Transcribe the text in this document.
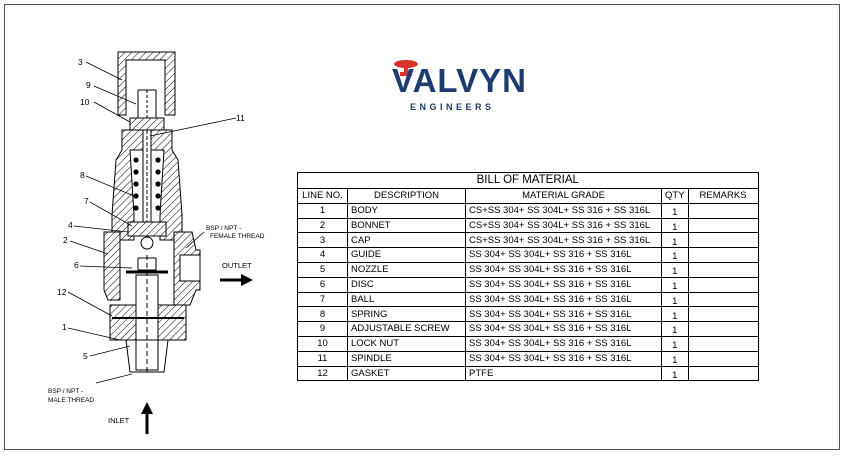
3
9
10
11
8
7
4
2
6
12
1
5
BSP / NPT -
FEMALE THREAD
BSP / NPT -
MALE THREAD
OUTLET
INLET
VALVYN
ENGINEERS
BILL OF MATERIAL				
LINE NO.	DESCRIPTION	MATERIAL GRADE	QTY	REMARKS
1	BODY	CS+SS 304+ SS 304L+ SS 316 + SS 316L	1	
2	BONNET	CS+SS 304+ SS 304L+ SS 316 + SS 316L	1	
3	CAP	CS+SS 304+ SS 304L+ SS 316 + SS 316L	1	
4	GUIDE	SS 304+ SS 304L+ SS 316 + SS 316L	1	
5	NOZZLE	SS 304+ SS 304L+ SS 316 + SS 316L	1	
6	DISC	SS 304+ SS 304L+ SS 316 + SS 316L	1	
7	BALL	SS 304+ SS 304L+ SS 316 + SS 316L	1	
8	SPRING	SS 304+ SS 304L+ SS 316 + SS 316L	1	
9	ADJUSTABLE SCREW	SS 304+ SS 304L+ SS 316 + SS 316L	1	
10	LOCK NUT	SS 304+ SS 304L+ SS 316 + SS 316L	1	
11	SPINDLE	SS 304+ SS 304L+ SS 316 + SS 316L	1	
12	GASKET	PTFE	1	
